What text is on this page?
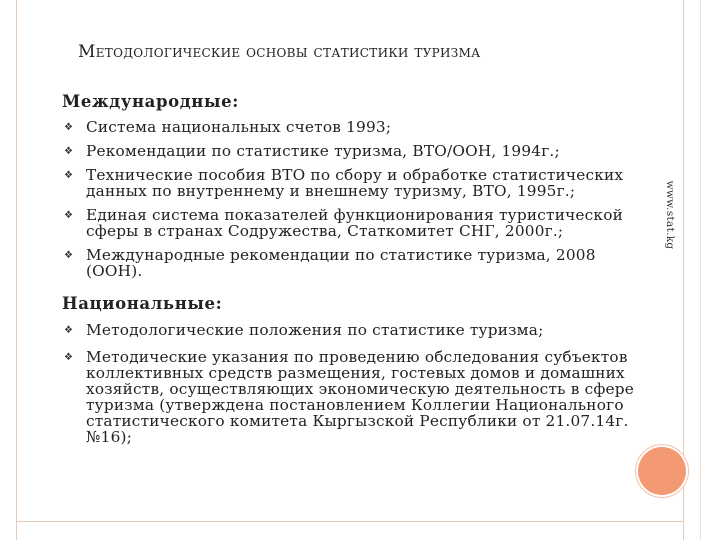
www.stat.kg
Методологические основы статистики туризма
Международные:
❖ Система национальных счетов 1993;
❖ Рекомендации по статистике туризма, ВТО/ООН, 1994г.;
❖ Технические пособия ВТО по сбору и обработке статистических данных по внутреннему и внешнему туризму, ВТО, 1995г.;
❖ Единая система показателей функционирования туристической сферы в странах Содружества, Статкомитет СНГ, 2000г.;
❖ Международные рекомендации по статистике туризма, 2008 (ООН).
Национальные:
❖ Методологические положения по статистике туризма;
❖ Методические указания по проведению обследования субъектов коллективных средств размещения, гостевых домов и домашних хозяйств, осуществляющих экономическую деятельность в сфере туризма (утверждена постановлением Коллегии Национального статистического комитета Кыргызской Республики от 21.07.14г. №16);
